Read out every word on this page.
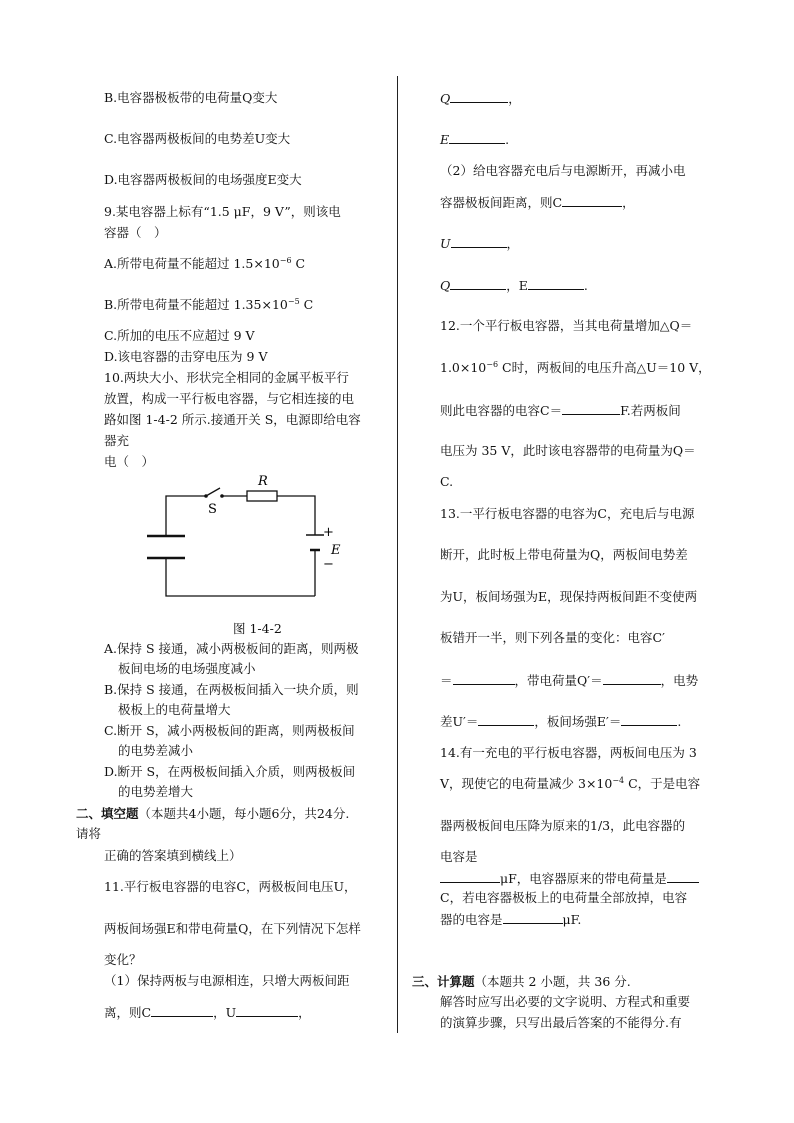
B.电容器极板带的电荷量Q变大
C.电容器两极板间的电势差U变大
D.电容器两极板间的电场强度E变大
9.某电容器上标有“1.5 μF，9 V”，则该电
容器（　）
A.所带电荷量不能超过 $1.5\times 10^{-6}$ C
B.所带电荷量不能超过 $1.35\times 10^{-5}$ C
C.所加的电压不应超过 9 V
D.该电容器的击穿电压为 9 V
10.两块大小、形状完全相同的金属平板平行
放置，构成一平行板电容器，与它相连接的电
路如图 1-4-2 所示.接通开关 S，电源即给电容
器充
电（　）
R
S
+
E
−
图 1-4-2
A.保持 S 接通，减小两极板间的距离，则两极
板间电场的电场强度减小
B.保持 S 接通，在两极板间插入一块介质，则
极板上的电荷量增大
C.断开 S，减小两极板间的距离，则两极板间
的电势差减小
D.断开 S，在两极板间插入介质，则两极板间
的电势差增大
二、填空题（本题共4小题，每小题6分，共24分.
请将
正确的答案填到横线上）
11.平行板电容器的电容C，两极板间电压U，
两板间场强E和带电荷量Q，在下列情况下怎样
变化？
（1）保持两板与电源相连，只增大两板间距
离，则C	，U	，
Q	，
E	.
（2）给电容器充电后与电源断开，再减小电
容器极板间距离，则C	，
U	，
Q	，E	.
12.一个平行板电容器，当其电荷量增加△Q＝
$1.0\times 10^{-6}$ C时，两板间的电压升高△U＝10 V，
则此电容器的电容C＝	F.若两板间
电压为 35 V，此时该电容器带的电荷量为Q＝
C.
13.一平行板电容器的电容为C，充电后与电源
断开，此时板上带电荷量为Q，两板间电势差
为U，板间场强为E，现保持两板间距不变使两
板错开一半，则下列各量的变化：电容C′
＝	，带电荷量Q′＝	，电势
差U′＝	，板间场强E′＝	.
14.有一充电的平行板电容器，两板间电压为 3
V，现使它的电荷量减少 $3\times 10^{-4}$ C，于是电容
器两极板间电压降为原来的1/3，此电容器的
电容是
μF，电容器原来的带电荷量是
C，若电容器极板上的电荷量全部放掉，电容
器的电容是	μF.
三、计算题（本题共 2 小题，共 36 分.
解答时应写出必要的文字说明、方程式和重要
的演算步骤，只写出最后答案的不能得分.有
